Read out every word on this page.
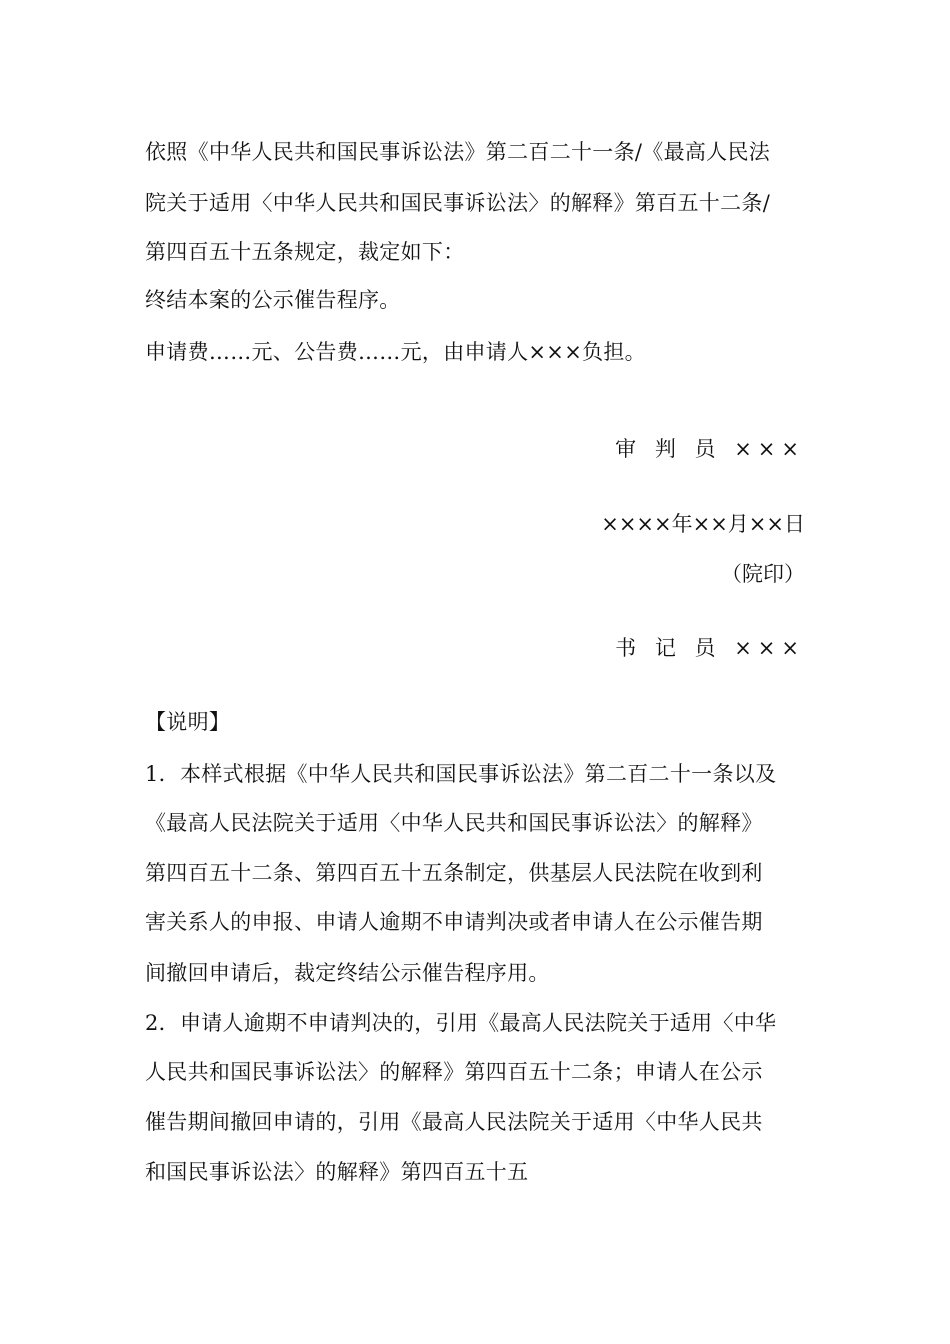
依照《中华人民共和国民事诉讼法》第二百二十一条/《最高人民法
院关于适用〈中华人民共和国民事诉讼法〉的解释》第百五十二条/
第四百五十五条规定，裁定如下：
终结本案的公示催告程序。
申请费……元、公告费……元，由申请人×××负担。
审 判 员 ×××
××××年××月××日
（院印）
书 记 员 ×××
【说明】
1．本样式根据《中华人民共和国民事诉讼法》第二百二十一条以及
《最高人民法院关于适用〈中华人民共和国民事诉讼法〉的解释》
第四百五十二条、第四百五十五条制定，供基层人民法院在收到利
害关系人的申报、申请人逾期不申请判决或者申请人在公示催告期
间撤回申请后，裁定终结公示催告程序用。
2．申请人逾期不申请判决的，引用《最高人民法院关于适用〈中华
人民共和国民事诉讼法〉的解释》第四百五十二条；申请人在公示
催告期间撤回申请的，引用《最高人民法院关于适用〈中华人民共
和国民事诉讼法〉的解释》第四百五十五
